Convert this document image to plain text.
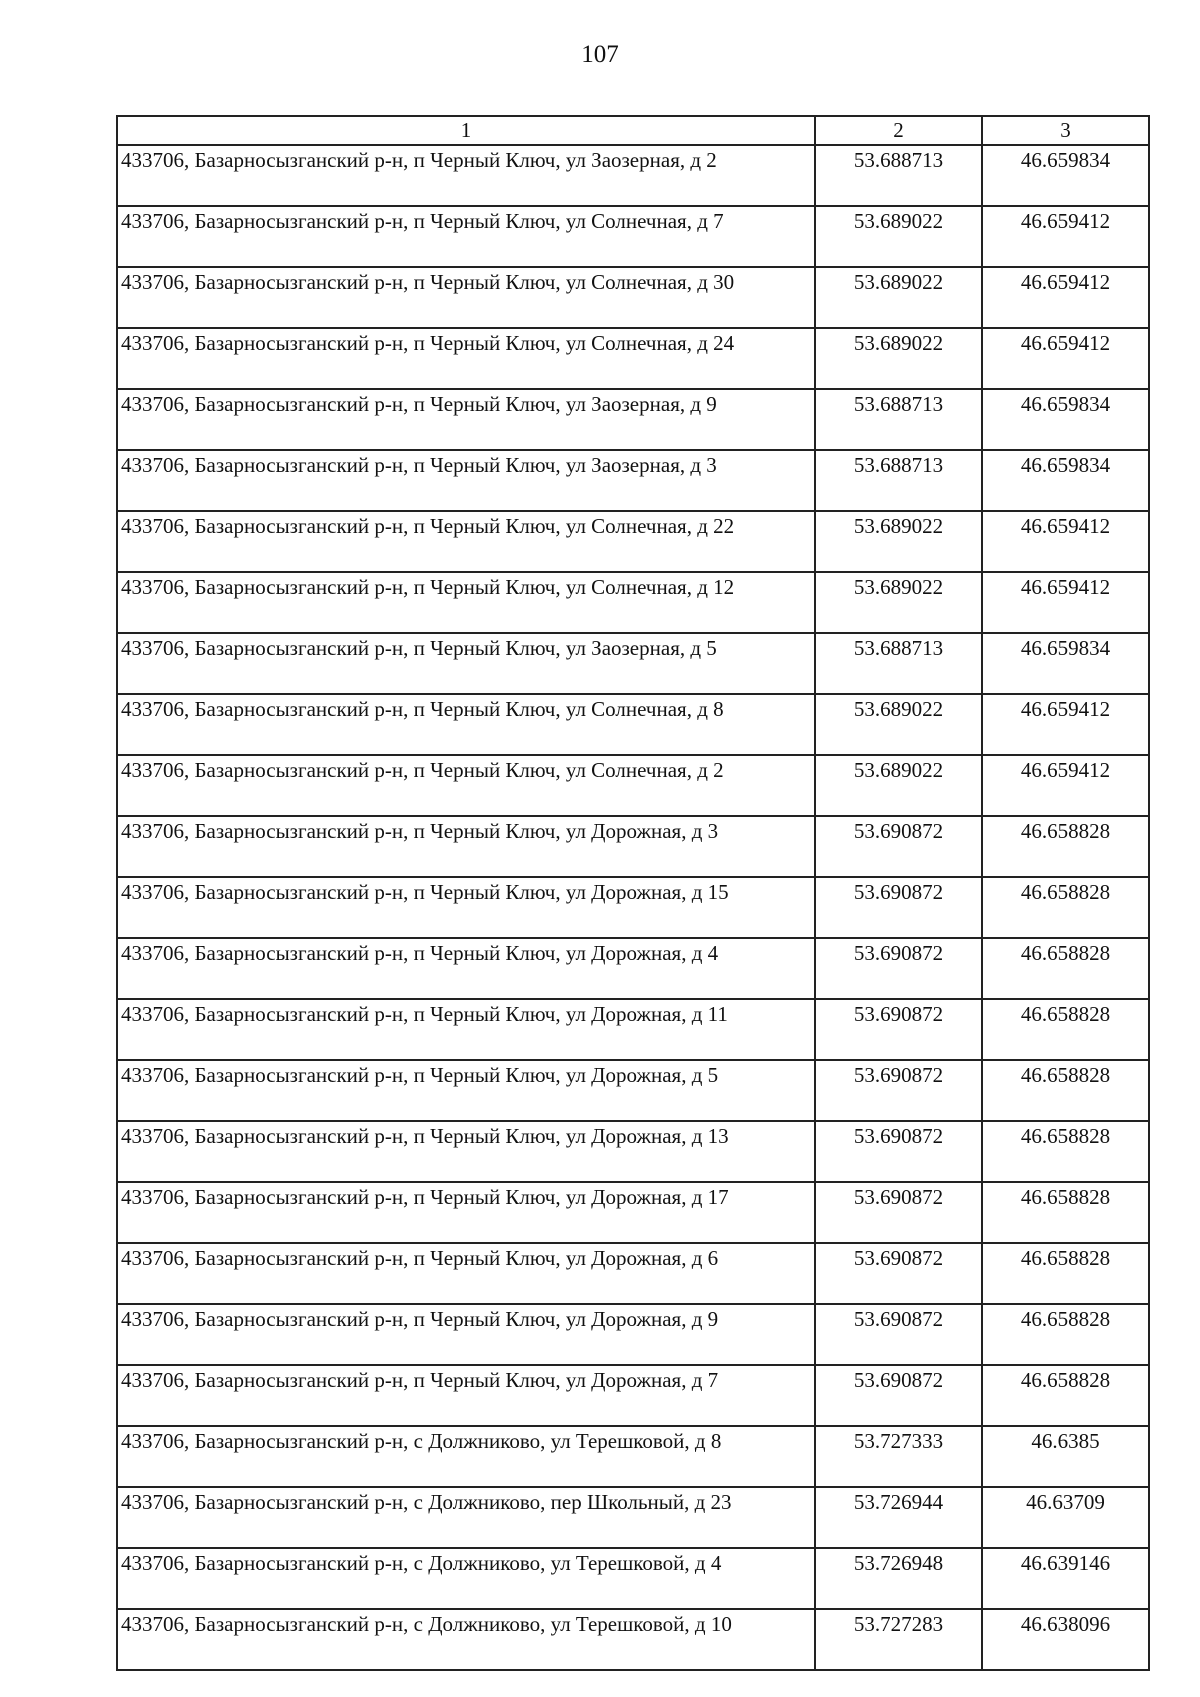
107
1	2	3
433706, Базарносызганский р-н, п Черный Ключ, ул Заозерная, д 2	53.688713	46.659834
433706, Базарносызганский р-н, п Черный Ключ, ул Солнечная, д 7	53.689022	46.659412
433706, Базарносызганский р-н, п Черный Ключ, ул Солнечная, д 30	53.689022	46.659412
433706, Базарносызганский р-н, п Черный Ключ, ул Солнечная, д 24	53.689022	46.659412
433706, Базарносызганский р-н, п Черный Ключ, ул Заозерная, д 9	53.688713	46.659834
433706, Базарносызганский р-н, п Черный Ключ, ул Заозерная, д 3	53.688713	46.659834
433706, Базарносызганский р-н, п Черный Ключ, ул Солнечная, д 22	53.689022	46.659412
433706, Базарносызганский р-н, п Черный Ключ, ул Солнечная, д 12	53.689022	46.659412
433706, Базарносызганский р-н, п Черный Ключ, ул Заозерная, д 5	53.688713	46.659834
433706, Базарносызганский р-н, п Черный Ключ, ул Солнечная, д 8	53.689022	46.659412
433706, Базарносызганский р-н, п Черный Ключ, ул Солнечная, д 2	53.689022	46.659412
433706, Базарносызганский р-н, п Черный Ключ, ул Дорожная, д 3	53.690872	46.658828
433706, Базарносызганский р-н, п Черный Ключ, ул Дорожная, д 15	53.690872	46.658828
433706, Базарносызганский р-н, п Черный Ключ, ул Дорожная, д 4	53.690872	46.658828
433706, Базарносызганский р-н, п Черный Ключ, ул Дорожная, д 11	53.690872	46.658828
433706, Базарносызганский р-н, п Черный Ключ, ул Дорожная, д 5	53.690872	46.658828
433706, Базарносызганский р-н, п Черный Ключ, ул Дорожная, д 13	53.690872	46.658828
433706, Базарносызганский р-н, п Черный Ключ, ул Дорожная, д 17	53.690872	46.658828
433706, Базарносызганский р-н, п Черный Ключ, ул Дорожная, д 6	53.690872	46.658828
433706, Базарносызганский р-н, п Черный Ключ, ул Дорожная, д 9	53.690872	46.658828
433706, Базарносызганский р-н, п Черный Ключ, ул Дорожная, д 7	53.690872	46.658828
433706, Базарносызганский р-н, с Должниково, ул Терешковой, д 8	53.727333	46.6385
433706, Базарносызганский р-н, с Должниково, пер Школьный, д 23	53.726944	46.63709
433706, Базарносызганский р-н, с Должниково, ул Терешковой, д 4	53.726948	46.639146
433706, Базарносызганский р-н, с Должниково, ул Терешковой, д 10	53.727283	46.638096
